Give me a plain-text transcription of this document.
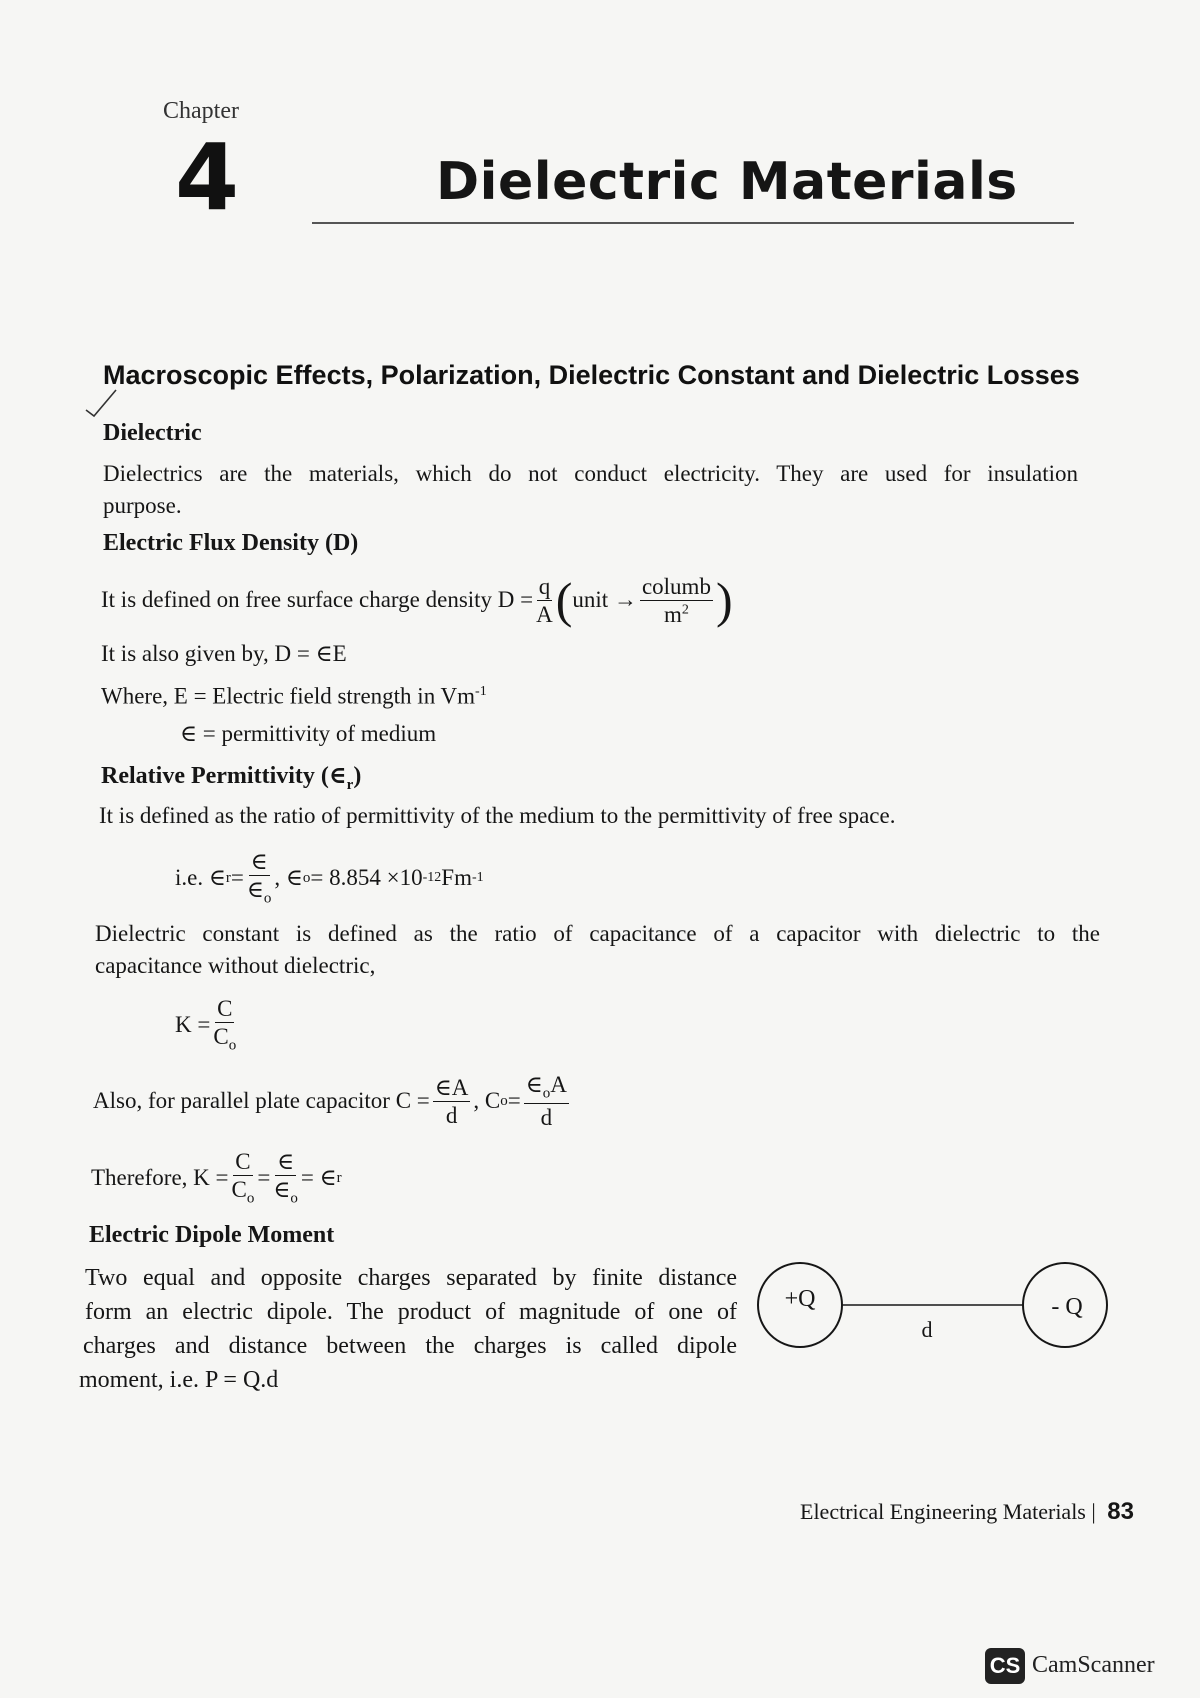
Chapter
4	Dielectric Materials
Macroscopic Effects, Polarization, Dielectric Constant and Dielectric Losses
Dielectric
Dielectrics are the materials, which do not conduct electricity. They are used for insulation
purpose.
Electric Flux Density (D)
It is defined on free surface charge density $D = \frac{q}{A}$ ( unit → $\frac{\text{columb}}{m^2}$ )
It is also given by, D = ∈E
Where, E = Electric field strength in $Vm^{-1}$
∈ = permittivity of medium
Relative Permittivity $(\in_r)$
It is defined as the ratio of permittivity of the medium to the permittivity of free space.
i.e. ∈ $r = \frac{\in}{\in_o}$ , ∈ o = 8.854 ×10 -12 Fm -1
Dielectric constant is defined as the ratio of capacitance of a capacitor with dielectric to the
capacitance without dielectric,
$K = \frac{C}{C_o}$
Also, for parallel plate capacitor $C = \frac{\in A}{d}$ , C $o = \frac{\in_oA}{d}$
Therefore, $K = \frac{C}{C_o} = \frac{\in}{\in_o}$ = ∈ r
Electric Dipole Moment
Two equal and opposite charges separated by finite distance
form an electric dipole. The product of magnitude of one of
charges and distance between the charges is called dipole
moment, i.e. P = Q.d
+Q	- Q
d
Electrical Engineering Materials | 83
CS CamScanner
